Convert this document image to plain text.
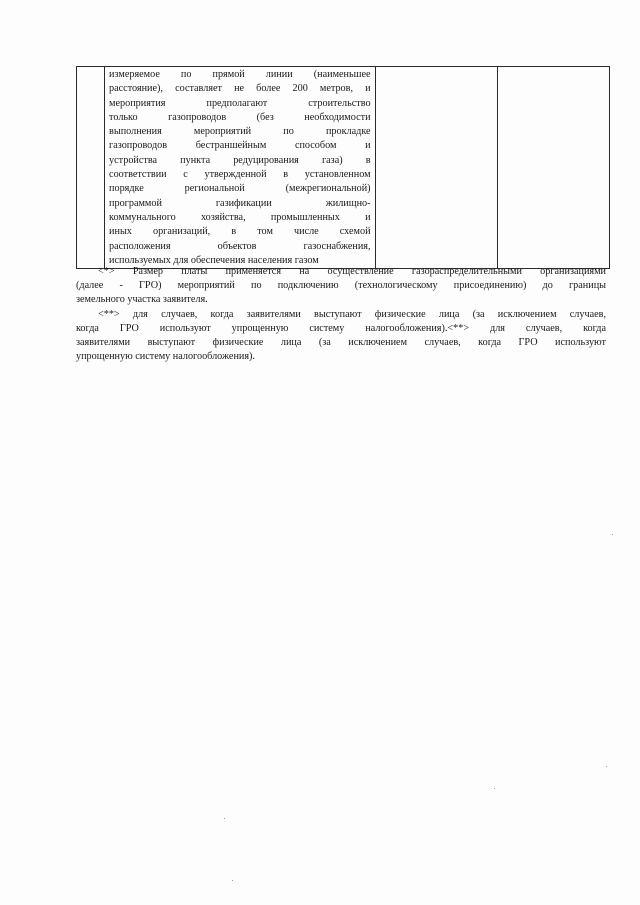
измеряемое по прямой линии (наименьшее
расстояние), составляет не более 200 метров, и
мероприятия предполагают строительство
только газопроводов (без необходимости
выполнения мероприятий по прокладке
газопроводов бестраншейным способом и
устройства пункта редуцирования газа) в
соответствии с утвержденной в установленном
порядке региональной (межрегиональной)
программой газификации жилищно-
коммунального хозяйства, промышленных и
иных организаций, в том числе схемой
расположения объектов газоснабжения,
используемых для обеспечения населения газом

<*> Размер платы применяется на осуществление газораспределительными организациями
(далее - ГРО) мероприятий по подключению (технологическому присоединению) до границы
земельного участка заявителя.
<**> для случаев, когда заявителями выступают физические лица (за исключением случаев,
когда ГРО используют упрощенную систему налогообложения).<**> для случаев, когда
заявителями выступают физические лица (за исключением случаев, когда ГРО используют
упрощенную систему налогообложения).
